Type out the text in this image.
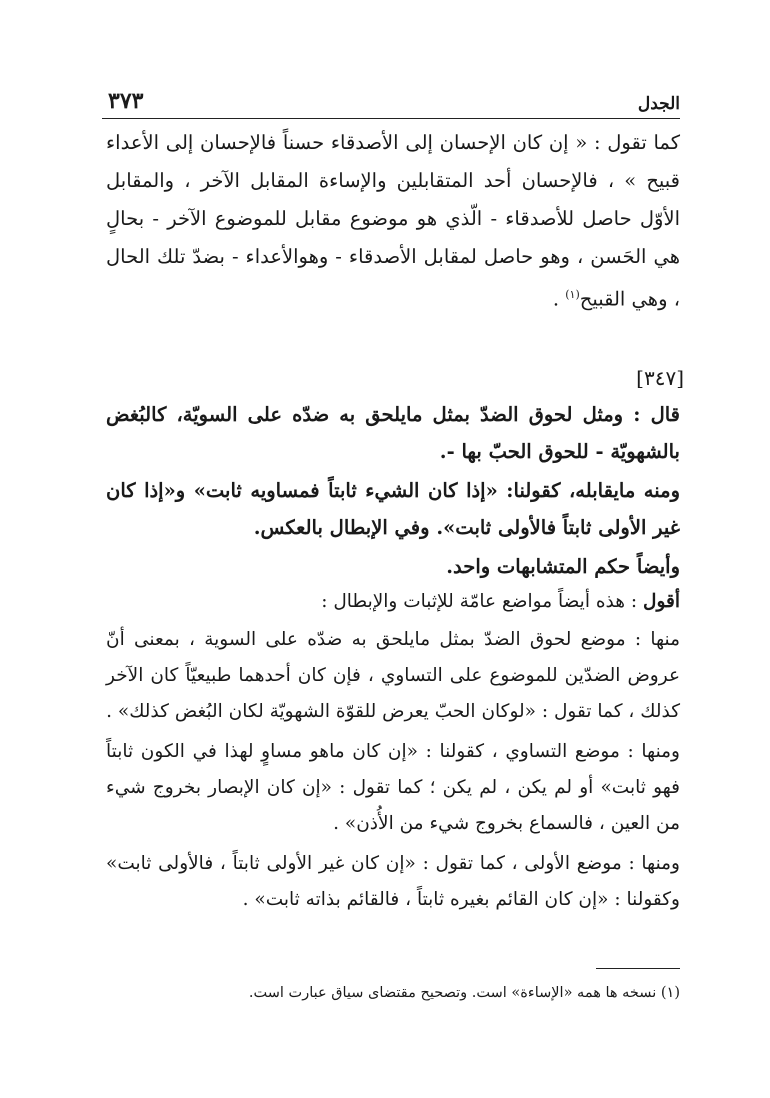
الجدل
٣٧٣

كما تقول : « إن كان الإحسان إلى الأصدقاء حسناً فالإحسان إلى الأعداء قبيح » ، فالإحسان أحد المتقابلين والإساءة المقابل الآخر ، والمقابل الأوّل حاصل للأصدقاء - الّذي هو موضوع مقابل للموضوع الآخر - بحالٍ هي الحَسن ، وهو حاصل لمقابل الأصدقاء - وهوالأعداء - بضدّ تلك الحال ، وهي القبيح$^{(١)}$ .

[٣٤٧]

قال : ومثل لحوق الضدّ بمثل مايلحق به ضدّه على السويّة، كالبُغض بالشهويّة - للحوق الحبّ بها -.

ومنه مايقابله، كقولنا: «إذا كان الشيء ثابتاً فمساويه ثابت» و«إذا كان غير الأولى ثابتاً فالأولى ثابت». وفي الإبطال بالعكس.

وأيضاً حكم المتشابهات واحد.

أقول : هذه أيضاً مواضع عامّة للإثبات والإبطال :

منها : موضع لحوق الضدّ بمثل مايلحق به ضدّه على السوية ، بمعنى أنّ عروض الضدّين للموضوع على التساوي ، فإن كان أحدهما طبيعيّاً كان الآخر كذلك ، كما تقول : «لوكان الحبّ يعرض للقوّة الشهويّة لكان البُغض كذلك» .

ومنها : موضع التساوي ، كقولنا : «إن كان ماهو مساوٍ لهذا في الكون ثابتاً فهو ثابت» أو لم يكن ، لم يكن ؛ كما تقول : «إن كان الإبصار بخروج شيء من العين ، فالسماع بخروج شيء من الأُذن» .

ومنها : موضع الأولى ، كما تقول : «إن كان غير الأولى ثابتاً ، فالأولى ثابت» وكقولنا : «إن كان القائم بغيره ثابتاً ، فالقائم بذاته ثابت» .

(١) نسخه ها همه «الإساءة» است. وتصحيح مقتضاى سياق عبارت است.
